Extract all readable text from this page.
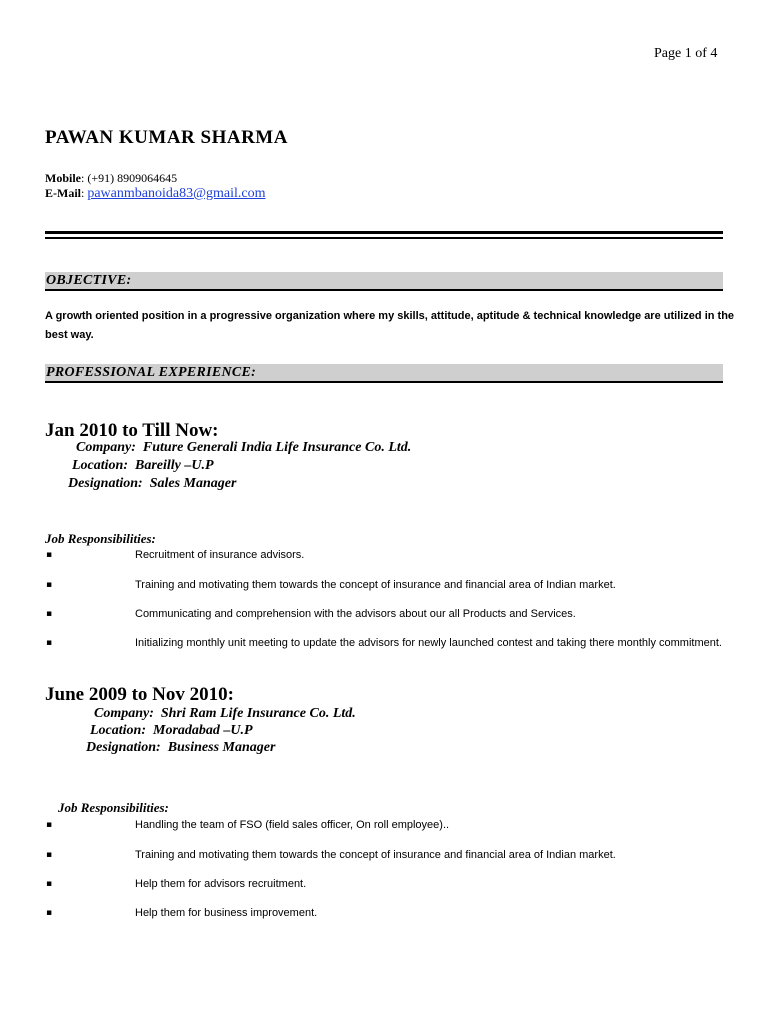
Page 1 of 4
PAWAN KUMAR SHARMA
Mobile: (+91) 8909064645
E-Mail: pawanmbanoida83@gmail.com
OBJECTIVE:
A growth oriented position in a progressive organization where my skills, attitude, aptitude & technical knowledge are utilized in the best way.
PROFESSIONAL EXPERIENCE:
Jan 2010 to Till Now:
Company: Future Generali India Life Insurance Co. Ltd.
Location: Bareilly –U.P
Designation: Sales Manager
Job Responsibilities:
▪	Recruitment of insurance advisors.
▪	Training and motivating them towards the concept of insurance and financial area of Indian market.
▪	Communicating and comprehension with the advisors about our all Products and Services.
▪	Initializing monthly unit meeting to update the advisors for newly launched contest and taking there monthly commitment.
June 2009 to Nov 2010:
Company: Shri Ram Life Insurance Co. Ltd.
Location: Moradabad –U.P
Designation: Business Manager
Job Responsibilities:
▪	Handling the team of FSO (field sales officer, On roll employee)..
▪	Training and motivating them towards the concept of insurance and financial area of Indian market.
▪	Help them for advisors recruitment.
▪	Help them for business improvement.
